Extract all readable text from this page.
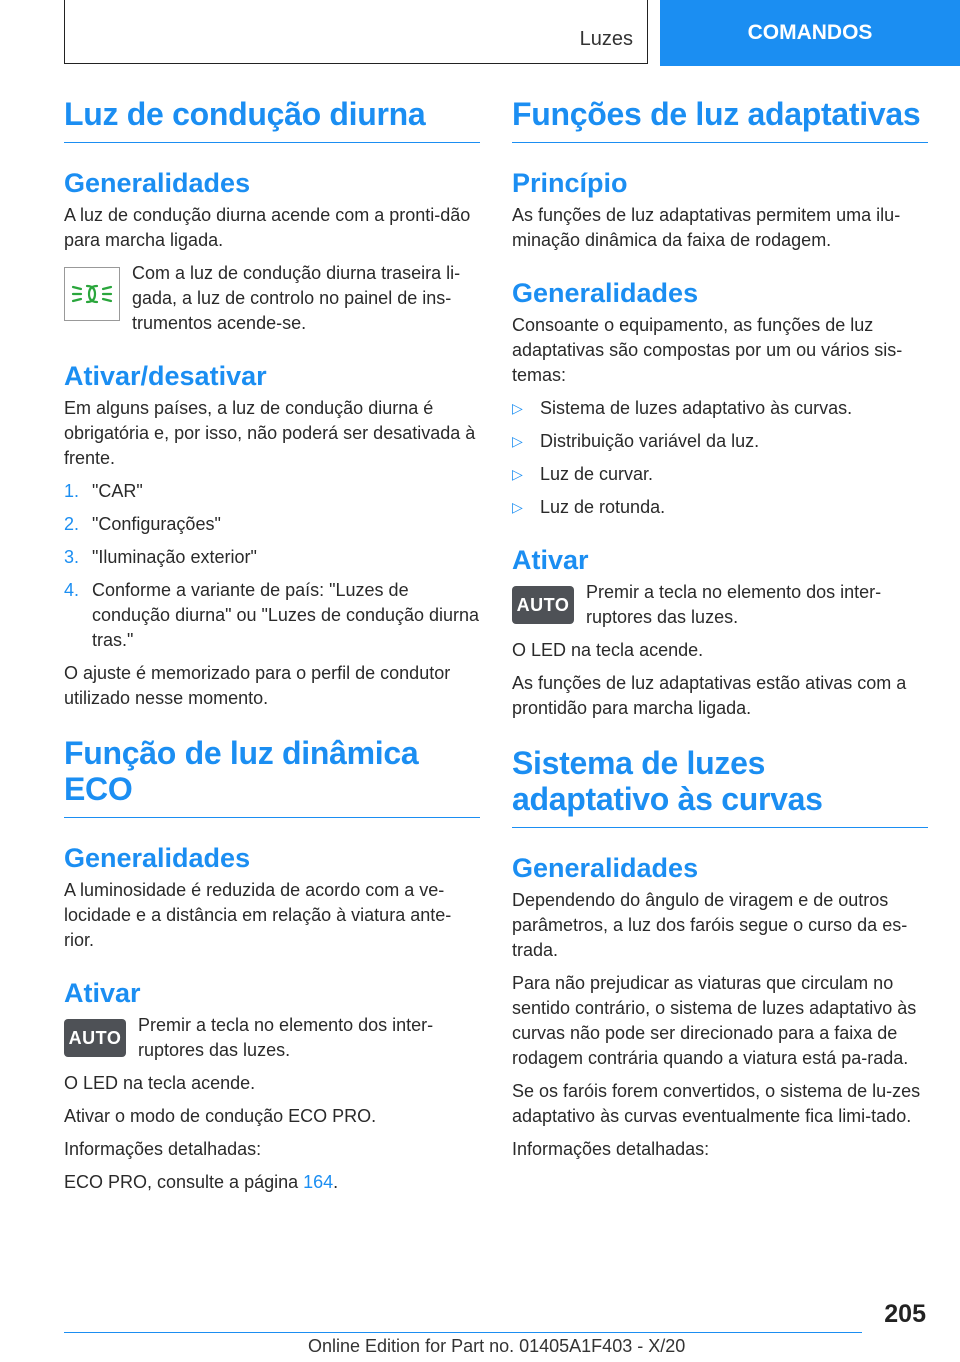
Luzes	COMANDOS
Luz de condução diurna
Generalidades

A luz de condução diurna acende com a pronti-dão para marcha ligada.

Com a luz de condução diurna traseira li-gada, a luz de controlo no painel de ins-trumentos acende-se.

Ativar/desativar

Em alguns países, a luz de condução diurna é obrigatória e, por isso, não poderá ser desativada à frente.

1. "CAR"
2. "Configurações"
3. "Iluminação exterior"
4. Conforme a variante de país: "Luzes de condução diurna" ou "Luzes de condução diurna tras."

O ajuste é memorizado para o perfil de condutor utilizado nesse momento.

Função de luz dinâmica ECO
Generalidades

A luminosidade é reduzida de acordo com a ve-locidade e a distância em relação à viatura ante-rior.

Ativar
AUTO

Premir a tecla no elemento dos inter-ruptores das luzes.

O LED na tecla acende.

Ativar o modo de condução ECO PRO.

Informações detalhadas:

ECO PRO, consulte a página 164.

Funções de luz adaptativas
Princípio

As funções de luz adaptativas permitem uma ilu-minação dinâmica da faixa de rodagem.

Generalidades

Consoante o equipamento, as funções de luz adaptativas são compostas por um ou vários sis-temas:

▷ Sistema de luzes adaptativo às curvas.
▷ Distribuição variável da luz.
▷ Luz de curvar.
▷ Luz de rotunda.
Ativar
AUTO

Premir a tecla no elemento dos inter-ruptores das luzes.

O LED na tecla acende.

As funções de luz adaptativas estão ativas com a prontidão para marcha ligada.

Sistema de luzes adaptativo às curvas
Generalidades

Dependendo do ângulo de viragem e de outros parâmetros, a luz dos faróis segue o curso da es-trada.

Para não prejudicar as viaturas que circulam no sentido contrário, o sistema de luzes adaptativo às curvas não pode ser direcionado para a faixa de rodagem contrária quando a viatura está pa-rada.

Se os faróis forem convertidos, o sistema de lu-zes adaptativo às curvas eventualmente fica limi-tado.

Informações detalhadas:

205
Online Edition for Part no. 01405A1F403 - X/20
